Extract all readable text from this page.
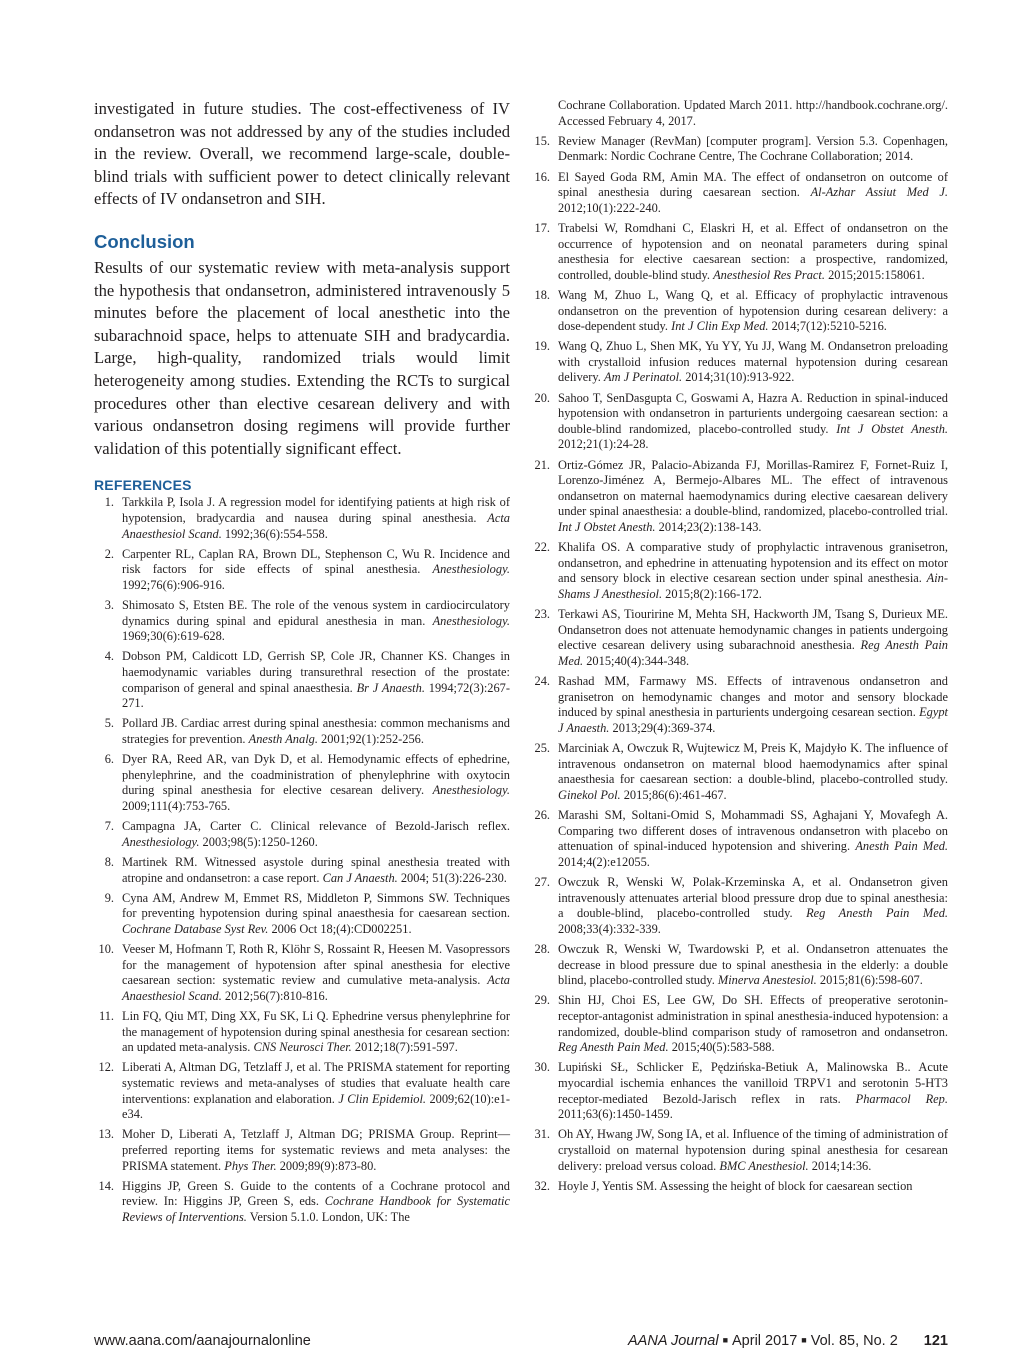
investigated in future studies. The cost-effectiveness of IV ondansetron was not addressed by any of the studies included in the review. Overall, we recommend large-scale, double-blind trials with sufficient power to detect clinically relevant effects of IV ondansetron and SIH.

Conclusion

Results of our systematic review with meta-analysis support the hypothesis that ondansetron, administered intravenously 5 minutes before the placement of local anesthetic into the subarachnoid space, helps to attenuate SIH and bradycardia. Large, high-quality, randomized trials would limit heterogeneity among studies. Extending the RCTs to surgical procedures other than elective cesarean delivery and with various ondansetron dosing regimens will provide further validation of this potentially significant effect.

REFERENCES
1. Tarkkila P, Isola J. A regression model for identifying patients at high risk of hypotension, bradycardia and nausea during spinal anesthesia. Acta Anaesthesiol Scand. 1992;36(6):554-558.
2. Carpenter RL, Caplan RA, Brown DL, Stephenson C, Wu R. Incidence and risk factors for side effects of spinal anesthesia. Anesthesiology. 1992;76(6):906-916.
3. Shimosato S, Etsten BE. The role of the venous system in cardiocirculatory dynamics during spinal and epidural anesthesia in man. Anesthesiology. 1969;30(6):619-628.
4. Dobson PM, Caldicott LD, Gerrish SP, Cole JR, Channer KS. Changes in haemodynamic variables during transurethral resection of the prostate: comparison of general and spinal anaesthesia. Br J Anaesth. 1994;72(3):267-271.
5. Pollard JB. Cardiac arrest during spinal anesthesia: common mechanisms and strategies for prevention. Anesth Analg. 2001;92(1):252-256.
6. Dyer RA, Reed AR, van Dyk D, et al. Hemodynamic effects of ephedrine, phenylephrine, and the coadministration of phenylephrine with oxytocin during spinal anesthesia for elective cesarean delivery. Anesthesiology. 2009;111(4):753-765.
7. Campagna JA, Carter C. Clinical relevance of Bezold-Jarisch reflex. Anesthesiology. 2003;98(5):1250-1260.
8. Martinek RM. Witnessed asystole during spinal anesthesia treated with atropine and ondansetron: a case report. Can J Anaesth. 2004; 51(3):226-230.
9. Cyna AM, Andrew M, Emmet RS, Middleton P, Simmons SW. Techniques for preventing hypotension during spinal anaesthesia for caesarean section. Cochrane Database Syst Rev. 2006 Oct 18;(4):CD002251.
10. Veeser M, Hofmann T, Roth R, Klöhr S, Rossaint R, Heesen M. Vasopressors for the management of hypotension after spinal anesthesia for elective caesarean section: systematic review and cumulative meta-analysis. Acta Anaesthesiol Scand. 2012;56(7):810-816.
11. Lin FQ, Qiu MT, Ding XX, Fu SK, Li Q. Ephedrine versus phenylephrine for the management of hypotension during spinal anesthesia for cesarean section: an updated meta-analysis. CNS Neurosci Ther. 2012;18(7):591-597.
12. Liberati A, Altman DG, Tetzlaff J, et al. The PRISMA statement for reporting systematic reviews and meta-analyses of studies that evaluate health care interventions: explanation and elaboration. J Clin Epidemiol. 2009;62(10):e1-e34.
13. Moher D, Liberati A, Tetzlaff J, Altman DG; PRISMA Group. Reprint—preferred reporting items for systematic reviews and meta analyses: the PRISMA statement. Phys Ther. 2009;89(9):873-80.
14. Higgins JP, Green S. Guide to the contents of a Cochrane protocol and review. In: Higgins JP, Green S, eds. Cochrane Handbook for Systematic Reviews of Interventions. Version 5.1.0. London, UK: The
Cochrane Collaboration. Updated March 2011. http://handbook.cochrane.org/. Accessed February 4, 2017.
15. Review Manager (RevMan) [computer program]. Version 5.3. Copenhagen, Denmark: Nordic Cochrane Centre, The Cochrane Collaboration; 2014.
16. El Sayed Goda RM, Amin MA. The effect of ondansetron on outcome of spinal anesthesia during caesarean section. Al-Azhar Assiut Med J. 2012;10(1):222-240.
17. Trabelsi W, Romdhani C, Elaskri H, et al. Effect of ondansetron on the occurrence of hypotension and on neonatal parameters during spinal anesthesia for elective caesarean section: a prospective, randomized, controlled, double-blind study. Anesthesiol Res Pract. 2015;2015:158061.
18. Wang M, Zhuo L, Wang Q, et al. Efficacy of prophylactic intravenous ondansetron on the prevention of hypotension during cesarean delivery: a dose-dependent study. Int J Clin Exp Med. 2014;7(12):5210-5216.
19. Wang Q, Zhuo L, Shen MK, Yu YY, Yu JJ, Wang M. Ondansetron preloading with crystalloid infusion reduces maternal hypotension during cesarean delivery. Am J Perinatol. 2014;31(10):913-922.
20. Sahoo T, SenDasgupta C, Goswami A, Hazra A. Reduction in spinal-induced hypotension with ondansetron in parturients undergoing caesarean section: a double-blind randomized, placebo-controlled study. Int J Obstet Anesth. 2012;21(1):24-28.
21. Ortiz-Gómez JR, Palacio-Abizanda FJ, Morillas-Ramirez F, Fornet-Ruiz I, Lorenzo-Jiménez A, Bermejo-Albares ML. The effect of intravenous ondansetron on maternal haemodynamics during elective caesarean delivery under spinal anaesthesia: a double-blind, randomized, placebo-controlled trial. Int J Obstet Anesth. 2014;23(2):138-143.
22. Khalifa OS. A comparative study of prophylactic intravenous granisetron, ondansetron, and ephedrine in attenuating hypotension and its effect on motor and sensory block in elective cesarean section under spinal anesthesia. Ain-Shams J Anesthesiol. 2015;8(2):166-172.
23. Terkawi AS, Tiouririne M, Mehta SH, Hackworth JM, Tsang S, Durieux ME. Ondansetron does not attenuate hemodynamic changes in patients undergoing elective cesarean delivery using subarachnoid anesthesia. Reg Anesth Pain Med. 2015;40(4):344-348.
24. Rashad MM, Farmawy MS. Effects of intravenous ondansetron and granisetron on hemodynamic changes and motor and sensory blockade induced by spinal anesthesia in parturients undergoing cesarean section. Egypt J Anaesth. 2013;29(4):369-374.
25. Marciniak A, Owczuk R, Wujtewicz M, Preis K, Majdyło K. The influence of intravenous ondansetron on maternal blood haemodynamics after spinal anaesthesia for caesarean section: a double-blind, placebo-controlled study. Ginekol Pol. 2015;86(6):461-467.
26. Marashi SM, Soltani-Omid S, Mohammadi SS, Aghajani Y, Movafegh A. Comparing two different doses of intravenous ondansetron with placebo on attenuation of spinal-induced hypotension and shivering. Anesth Pain Med. 2014;4(2):e12055.
27. Owczuk R, Wenski W, Polak-Krzeminska A, et al. Ondansetron given intravenously attenuates arterial blood pressure drop due to spinal anesthesia: a double-blind, placebo-controlled study. Reg Anesth Pain Med. 2008;33(4):332-339.
28. Owczuk R, Wenski W, Twardowski P, et al. Ondansetron attenuates the decrease in blood pressure due to spinal anesthesia in the elderly: a double blind, placebo-controlled study. Minerva Anestesiol. 2015;81(6):598-607.
29. Shin HJ, Choi ES, Lee GW, Do SH. Effects of preoperative serotonin-receptor-antagonist administration in spinal anesthesia-induced hypotension: a randomized, double-blind comparison study of ramosetron and ondansetron. Reg Anesth Pain Med. 2015;40(5):583-588.
30. Lupiński SŁ, Schlicker E, Pędzińska-Betiuk A, Malinowska B.. Acute myocardial ischemia enhances the vanilloid TRPV1 and serotonin 5-HT3 receptor-mediated Bezold-Jarisch reflex in rats. Pharmacol Rep. 2011;63(6):1450-1459.
31. Oh AY, Hwang JW, Song IA, et al. Influence of the timing of administration of crystalloid on maternal hypotension during spinal anesthesia for cesarean delivery: preload versus coload. BMC Anesthesiol. 2014;14:36.
32. Hoyle J, Yentis SM. Assessing the height of block for caesarean section
www.aana.com/aanajournalonline	AANA Journal ■ April 2017 ■ Vol. 85, No. 2 121
